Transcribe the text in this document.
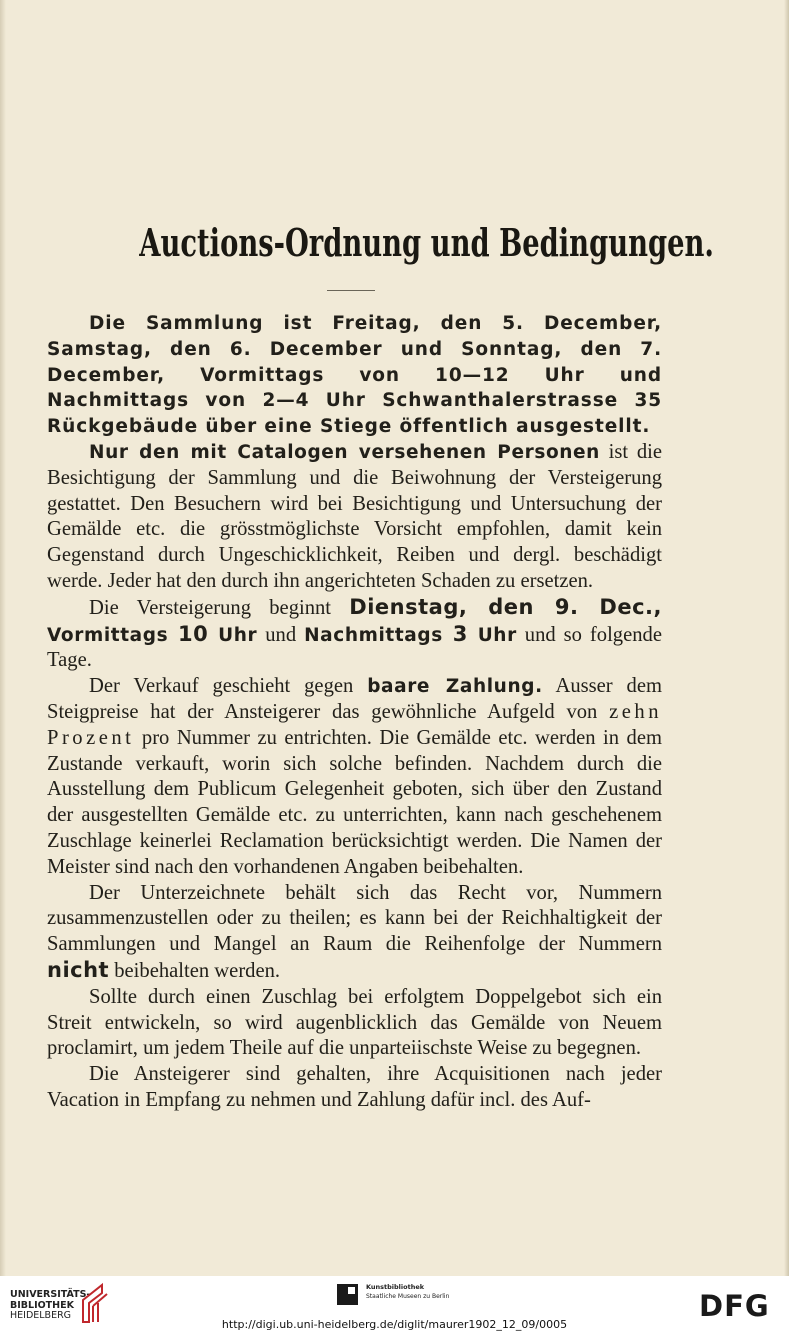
Auctions-Ordnung und Bedingungen.

Die Sammlung ist Freitag, den 5. December, Samstag, den 6. December und Sonntag, den 7. December, Vormittags von 10—12 Uhr und Nachmittags von 2—4 Uhr Schwanthalerstrasse 35 Rückgebäude über eine Stiege öffentlich ausgestellt.

Nur den mit Catalogen versehenen Personen ist die Besichtigung der Sammlung und die Beiwohnung der Versteigerung gestattet. Den Besuchern wird bei Besichtigung und Untersuchung der Gemälde etc. die grösstmöglichste Vorsicht empfohlen, damit kein Gegenstand durch Ungeschicklichkeit, Reiben und dergl. beschädigt werde. Jeder hat den durch ihn angerichteten Schaden zu ersetzen.

Die Versteigerung beginnt Dienstag, den 9. Dec., Vormittags 10 Uhr und Nachmittags 3 Uhr und so folgende Tage.

Der Verkauf geschieht gegen baare Zahlung. Ausser dem Steigpreise hat der Ansteigerer das gewöhnliche Aufgeld von zehn Prozent pro Nummer zu entrichten. Die Gemälde etc. werden in dem Zustande verkauft, worin sich solche befinden. Nachdem durch die Ausstellung dem Publicum Gelegenheit geboten, sich über den Zustand der ausgestellten Gemälde etc. zu unterrichten, kann nach geschehenem Zuschlage keinerlei Reclamation berücksichtigt werden. Die Namen der Meister sind nach den vorhandenen Angaben beibehalten.

Der Unterzeichnete behält sich das Recht vor, Nummern zusammenzustellen oder zu theilen; es kann bei der Reichhaltigkeit der Sammlungen und Mangel an Raum die Reihenfolge der Nummern nicht beibehalten werden.

Sollte durch einen Zuschlag bei erfolgtem Doppelgebot sich ein Streit entwickeln, so wird augenblicklich das Gemälde von Neuem proclamirt, um jedem Theile auf die unparteiischste Weise zu begegnen.

Die Ansteigerer sind gehalten, ihre Acquisitionen nach jeder Vacation in Empfang zu nehmen und Zahlung dafür incl. des Auf-

UNIVERSITÄTS-
BIBLIOTHEK
HEIDELBERG
Kunstbibliothek
Staatliche Museen zu Berlin	DFG
http://digi.ub.uni-heidelberg.de/diglit/maurer1902_12_09/0005
